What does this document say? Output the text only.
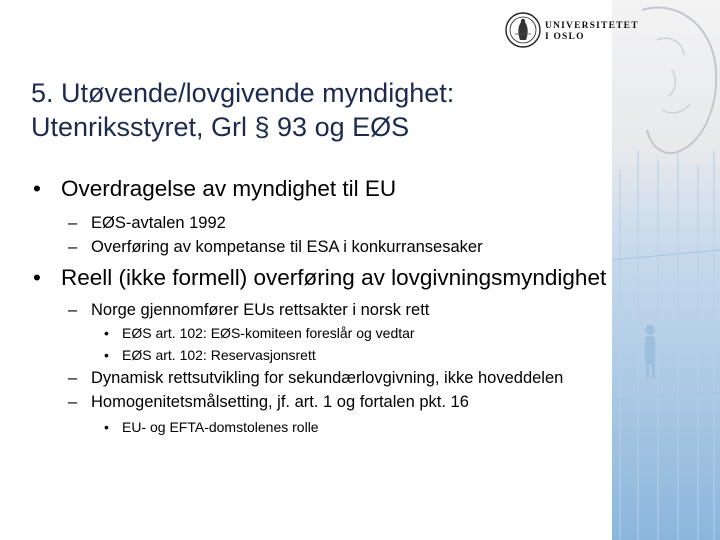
UNIVERSITETET
I OSLO
5. Utøvende/lovgivende myndighet:
Utenriksstyret, Grl § 93 og EØS
• Overdragelse av myndighet til EU
– EØS-avtalen 1992
– Overføring av kompetanse til ESA i konkurransesaker
• Reell (ikke formell) overføring av lovgivningsmyndighet
– Norge gjennomfører EUs rettsakter i norsk rett
• EØS art. 102: EØS-komiteen foreslår og vedtar
• EØS art. 102: Reservasjonsrett
– Dynamisk rettsutvikling for sekundærlovgivning, ikke hoveddelen
– Homogenitetsmålsetting, jf. art. 1 og fortalen pkt. 16
• EU- og EFTA-domstolenes rolle
